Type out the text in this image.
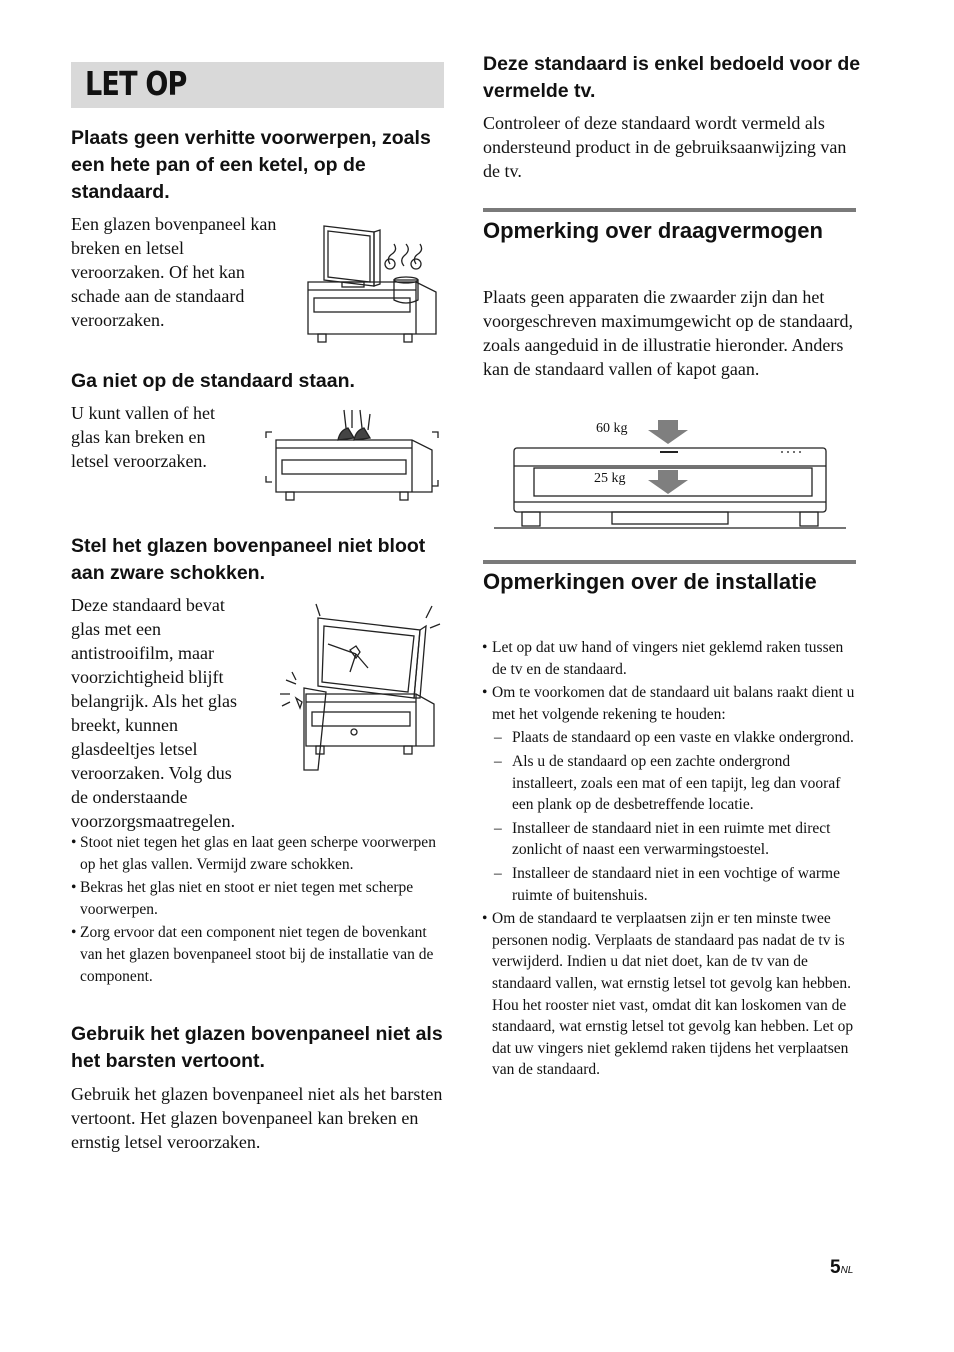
LET OP
Plaats geen verhitte voorwerpen, zoals een hete pan of een ketel, op de standaard.
Een glazen bovenpaneel kan
breken en letsel
veroorzaken. Of het kan
schade aan de standaard
veroorzaken.
Ga niet op de standaard staan.
U kunt vallen of het
glas kan breken en
letsel veroorzaken.
Stel het glazen bovenpaneel niet bloot aan zware schokken.
Deze standaard bevat
glas met een
antistrooifilm, maar
voorzichtigheid blijft
belangrijk. Als het glas
breekt, kunnen
glasdeeltjes letsel
veroorzaken. Volg dus
de onderstaande
voorzorgsmaatregelen.
• Stoot niet tegen het glas en laat geen scherpe voorwerpen op het glas vallen. Vermijd zware schokken.
• Bekras het glas niet en stoot er niet tegen met scherpe voorwerpen.
• Zorg ervoor dat een component niet tegen de bovenkant van het glazen bovenpaneel stoot bij de installatie van de component.
Gebruik het glazen bovenpaneel niet als het barsten vertoont.
Gebruik het glazen bovenpaneel niet als het barsten vertoont. Het glazen bovenpaneel kan breken en ernstig letsel veroorzaken.
Deze standaard is enkel bedoeld voor de vermelde tv.
Controleer of deze standaard wordt vermeld als ondersteund product in de gebruiksaanwijzing van de tv.
Opmerking over draagvermogen
Plaats geen apparaten die zwaarder zijn dan het voorgeschreven maximumgewicht op de standaard, zoals aangeduid in de illustratie hieronder. Anders kan de standaard vallen of kapot gaan.
60 kg
25 kg
Opmerkingen over de installatie
• Let op dat uw hand of vingers niet geklemd raken tussen de tv en de standaard.
• Om te voorkomen dat de standaard uit balans raakt dient u met het volgende rekening te houden:
– Plaats de standaard op een vaste en vlakke ondergrond.
– Als u de standaard op een zachte ondergrond installeert, zoals een mat of een tapijt, leg dan vooraf een plank op de desbetreffende locatie.
– Installeer de standaard niet in een ruimte met direct zonlicht of naast een verwarmingstoestel.
– Installeer de standaard niet in een vochtige of warme ruimte of buitenshuis.
• Om de standaard te verplaatsen zijn er ten minste twee personen nodig. Verplaats de standaard pas nadat de tv is verwijderd. Indien u dat niet doet, kan de tv van de standaard vallen, wat ernstig letsel tot gevolg kan hebben. Hou het rooster niet vast, omdat dit kan loskomen van de standaard, wat ernstig letsel tot gevolg kan hebben. Let op dat uw vingers niet geklemd raken tijdens het verplaatsen van de standaard.
5NL
